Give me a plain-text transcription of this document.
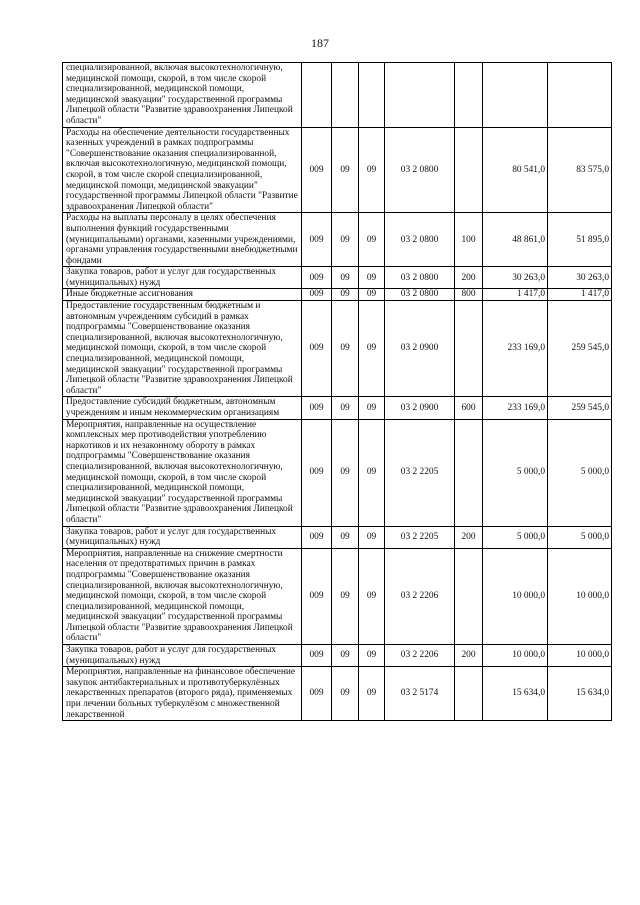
187
специализированной, включая высокотехнологичную, медицинской помощи, скорой, в том числе скорой специализированной, медицинской помощи, медицинской эвакуации" государственной программы Липецкой области "Развитие здравоохранения Липецкой области"							
Расходы на обеспечение деятельности государственных казенных учреждений в рамках подпрограммы "Совершенствование оказания специализированной, включая высокотехнологичную, медицинской помощи, скорой, в том числе скорой специализированной, медицинской помощи, медицинской эвакуации" государственной программы Липецкой области "Развитие здравоохранения Липецкой области"	009	09	09	03 2 0800		80 541,0	83 575,0
Расходы на выплаты персоналу в целях обеспечения выполнения функций государственными (муниципальными) органами, казенными учреждениями, органами управления государственными внебюджетными фондами	009	09	09	03 2 0800	100	48 861,0	51 895,0
Закупка товаров, работ и услуг для государственных (муниципальных) нужд	009	09	09	03 2 0800	200	30 263,0	30 263,0
Иные бюджетные ассигнования	009	09	09	03 2 0800	800	1 417,0	1 417,0
Предоставление государственным бюджетным и автономным учреждениям субсидий в рамках подпрограммы "Совершенствование оказания специализированной, включая высокотехнологичную, медицинской помощи, скорой, в том числе скорой специализированной, медицинской помощи, медицинской эвакуации" государственной программы Липецкой области "Развитие здравоохранения Липецкой области"	009	09	09	03 2 0900		233 169,0	259 545,0
Предоставление субсидий бюджетным, автономным учреждениям и иным некоммерческим организациям	009	09	09	03 2 0900	600	233 169,0	259 545,0
Мероприятия, направленные на осуществление комплексных мер противодействия употреблению наркотиков и их незаконному обороту в рамках подпрограммы "Совершенствование оказания специализированной, включая высокотехнологичную, медицинской помощи, скорой, в том числе скорой специализированной, медицинской помощи, медицинской эвакуации" государственной программы Липецкой области "Развитие здравоохранения Липецкой области"	009	09	09	03 2 2205		5 000,0	5 000,0
Закупка товаров, работ и услуг для государственных (муниципальных) нужд	009	09	09	03 2 2205	200	5 000,0	5 000,0
Мероприятия, направленные на снижение смертности населения от предотвратимых причин в рамках подпрограммы "Совершенствование оказания специализированной, включая высокотехнологичную, медицинской помощи, скорой, в том числе скорой специализированной, медицинской помощи, медицинской эвакуации" государственной программы Липецкой области "Развитие здравоохранения Липецкой области"	009	09	09	03 2 2206		10 000,0	10 000,0
Закупка товаров, работ и услуг для государственных (муниципальных) нужд	009	09	09	03 2 2206	200	10 000,0	10 000,0
Мероприятия, направленные на финансовое обеспечение закупок антибактериальных и противотуберкулёзных лекарственных препаратов (второго ряда), применяемых при лечении больных туберкулёзом с множественной лекарственной	009	09	09	03 2 5174		15 634,0	15 634,0
